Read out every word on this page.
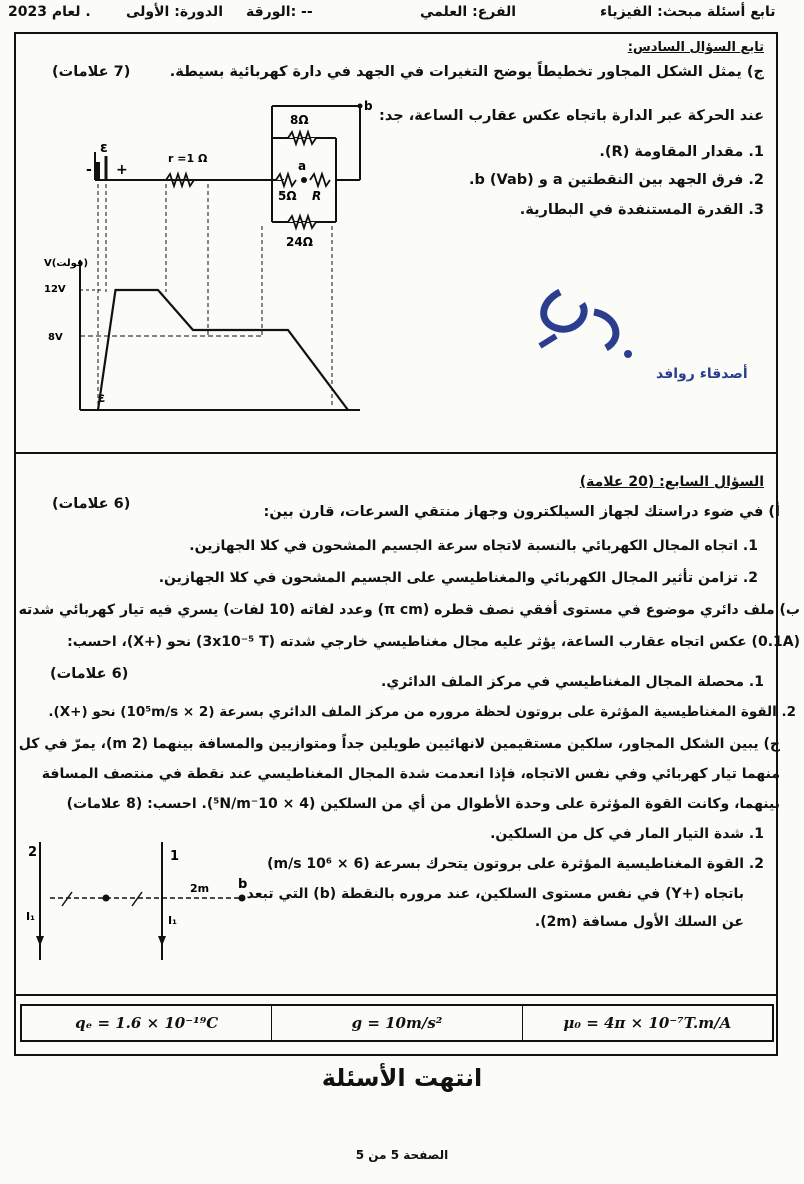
لعام 2023 .	الدورة: الأولى الورقة: --	الفرع: العلمي	تابع أسئلة مبحث: الفيزياء
تابع السؤال السادس:
ج) يمثل الشكل المجاور تخطيطاً يوضح التغيرات في الجهد في دارة كهربائية بسيطة.
(7 علامات)
عند الحركة عبر الدارة باتجاه عكس عقارب الساعة، جد:
1. مقدار المقاومة (R).
2. فرق الجهد بين النقطتين a و b (Vab).
3. القدرة المستنفدة في البطارية.
ε
- +
r =1 Ω
8Ω
a
5Ω R
24Ω
b
V(فولت)
12V
8V
ε
أصدقاء روافد
السؤال السابع: (20 علامة)
أ) في ضوء دراستك لجهاز السيلكترون وجهاز منتقي السرعات، قارن بين:
(6 علامات)
1. اتجاه المجال الكهربائي بالنسبة لاتجاه سرعة الجسيم المشحون في كلا الجهازين.
2. تزامن تأثير المجال الكهربائي والمغناطيسي على الجسيم المشحون في كلا الجهازين.
ب) ملف دائري موضوع في مستوى أفقي نصف قطره (π cm) وعدد لفاته (10 لفات) يسري فيه تيار كهربائي شدته
(0.1A) عكس اتجاه عقارب الساعة، يؤثر عليه مجال مغناطيسي خارجي شدته (3x10⁻⁵ T) نحو (+X)، احسب:
(6 علامات)	1. محصلة المجال المغناطيسي في مركز الملف الدائري.
2. القوة المغناطيسية المؤثرة على بروتون لحظة مروره من مركز الملف الدائري بسرعة (2 × 10⁵m/s) نحو (+X).
ج) يبين الشكل المجاور، سلكين مستقيمين لانهائيين طويلين جداً ومتوازيين والمسافة بينهما (2 m)، يمرّ في كل
منهما تيار كهربائي وفي نفس الاتجاه، فإذا انعدمت شدة المجال المغناطيسي عند نقطة في منتصف المسافة
بينهما، وكانت القوة المؤثرة على وحدة الأطوال من أي من السلكين (4 × 10⁻⁵N/m). احسب: (8 علامات)
1. شدة التيار المار في كل من السلكين.
2. القوة المغناطيسية المؤثرة على بروتون يتحرك بسرعة (6 × 10⁶ m/s)
باتجاه (+Y) في نفس مستوى السلكين، عند مروره بالنقطة (b) التي تبعد
عن السلك الأول مسافة (2m).
2	1
I₁	I₁
2m b
qₑ = 1.6 × 10⁻¹⁹C	g = 10m/s²	μ₀ = 4π × 10⁻⁷T.m/A
انتهت الأسئلة
الصفحة 5 من 5
